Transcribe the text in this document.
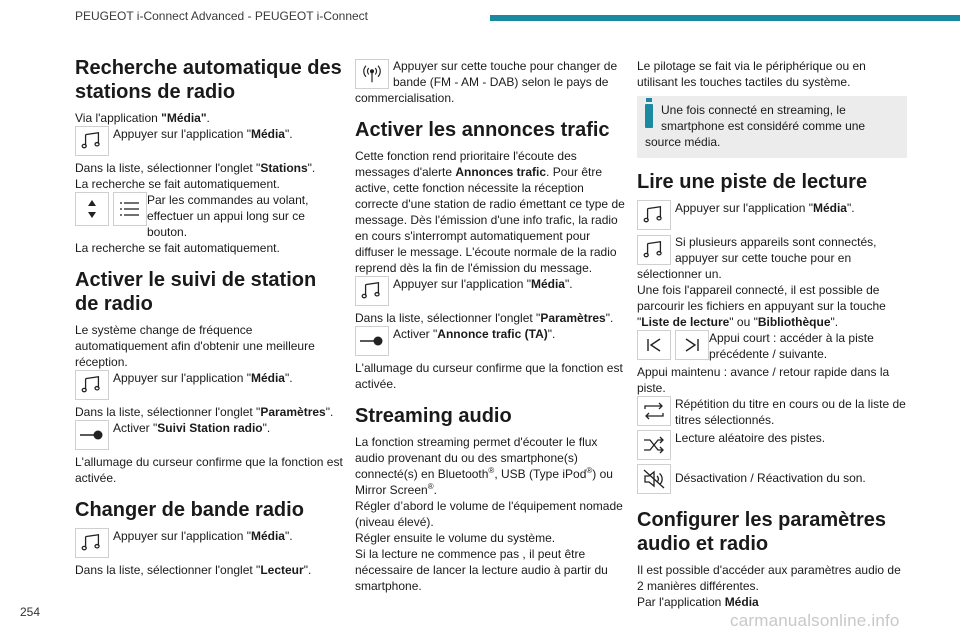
PEUGEOT i-Connect Advanced - PEUGEOT i-Connect
Recherche automatique des stations de radio

Via l'application "Média".

Appuyer sur l'application "Média".

Dans la liste, sélectionner l'onglet "Stations".

La recherche se fait automatiquement.

Par les commandes au volant, effectuer un appui long sur ce bouton.

La recherche se fait automatiquement.

Activer le suivi de station de radio

Le système change de fréquence automatiquement afin d'obtenir une meilleure réception.

Appuyer sur l'application "Média".

Dans la liste, sélectionner l'onglet "Paramètres".

Activer "Suivi Station radio".

L'allumage du curseur confirme que la fonction est activée.

Changer de bande radio

Appuyer sur l'application "Média".

Dans la liste, sélectionner l'onglet "Lecteur".

Appuyer sur cette touche pour changer de bande (FM - AM - DAB) selon le pays de commercialisation.

Activer les annonces trafic

Cette fonction rend prioritaire l'écoute des messages d'alerte Annonces trafic. Pour être active, cette fonction nécessite la réception correcte d'une station de radio émettant ce type de message. Dès l'émission d'une info trafic, la radio en cours s'interrompt automatiquement pour diffuser le message. L'écoute normale de la radio reprend dès la fin de l'émission du message.

Appuyer sur l'application "Média".

Dans la liste, sélectionner l'onglet "Paramètres".

Activer "Annonce trafic (TA)".

L'allumage du curseur confirme que la fonction est activée.

Streaming audio

La fonction streaming permet d'écouter le flux audio provenant du ou des smartphone(s) connecté(s) en Bluetooth®, USB (Type iPod®) ou Mirror Screen®.

Régler d’abord le volume de l'équipement nomade (niveau élevé).

Régler ensuite le volume du système.

Si la lecture ne commence pas , il peut être nécessaire de lancer la lecture audio à partir du smartphone.

Le pilotage se fait via le périphérique ou en utilisant les touches tactiles du système.

Une fois connecté en streaming, le smartphone est considéré comme une source média.

Lire une piste de lecture

Appuyer sur l'application "Média".

Si plusieurs appareils sont connectés, appuyer sur cette touche pour en sélectionner un.

Une fois l'appareil connecté, il est possible de parcourir les fichiers en appuyant sur la touche "Liste de lecture" ou "Bibliothèque".

Appui court : accéder à la piste précédente / suivante.

Appui maintenu : avance / retour rapide dans la piste.

Répétition du titre en cours ou de la liste de titres sélectionnés.

Lecture aléatoire des pistes.

Désactivation / Réactivation du son.

Configurer les paramètres audio et radio

Il est possible d'accéder aux paramètres audio de 2 manières différentes.

Par l'application Média

254	carmanualsonline.info
